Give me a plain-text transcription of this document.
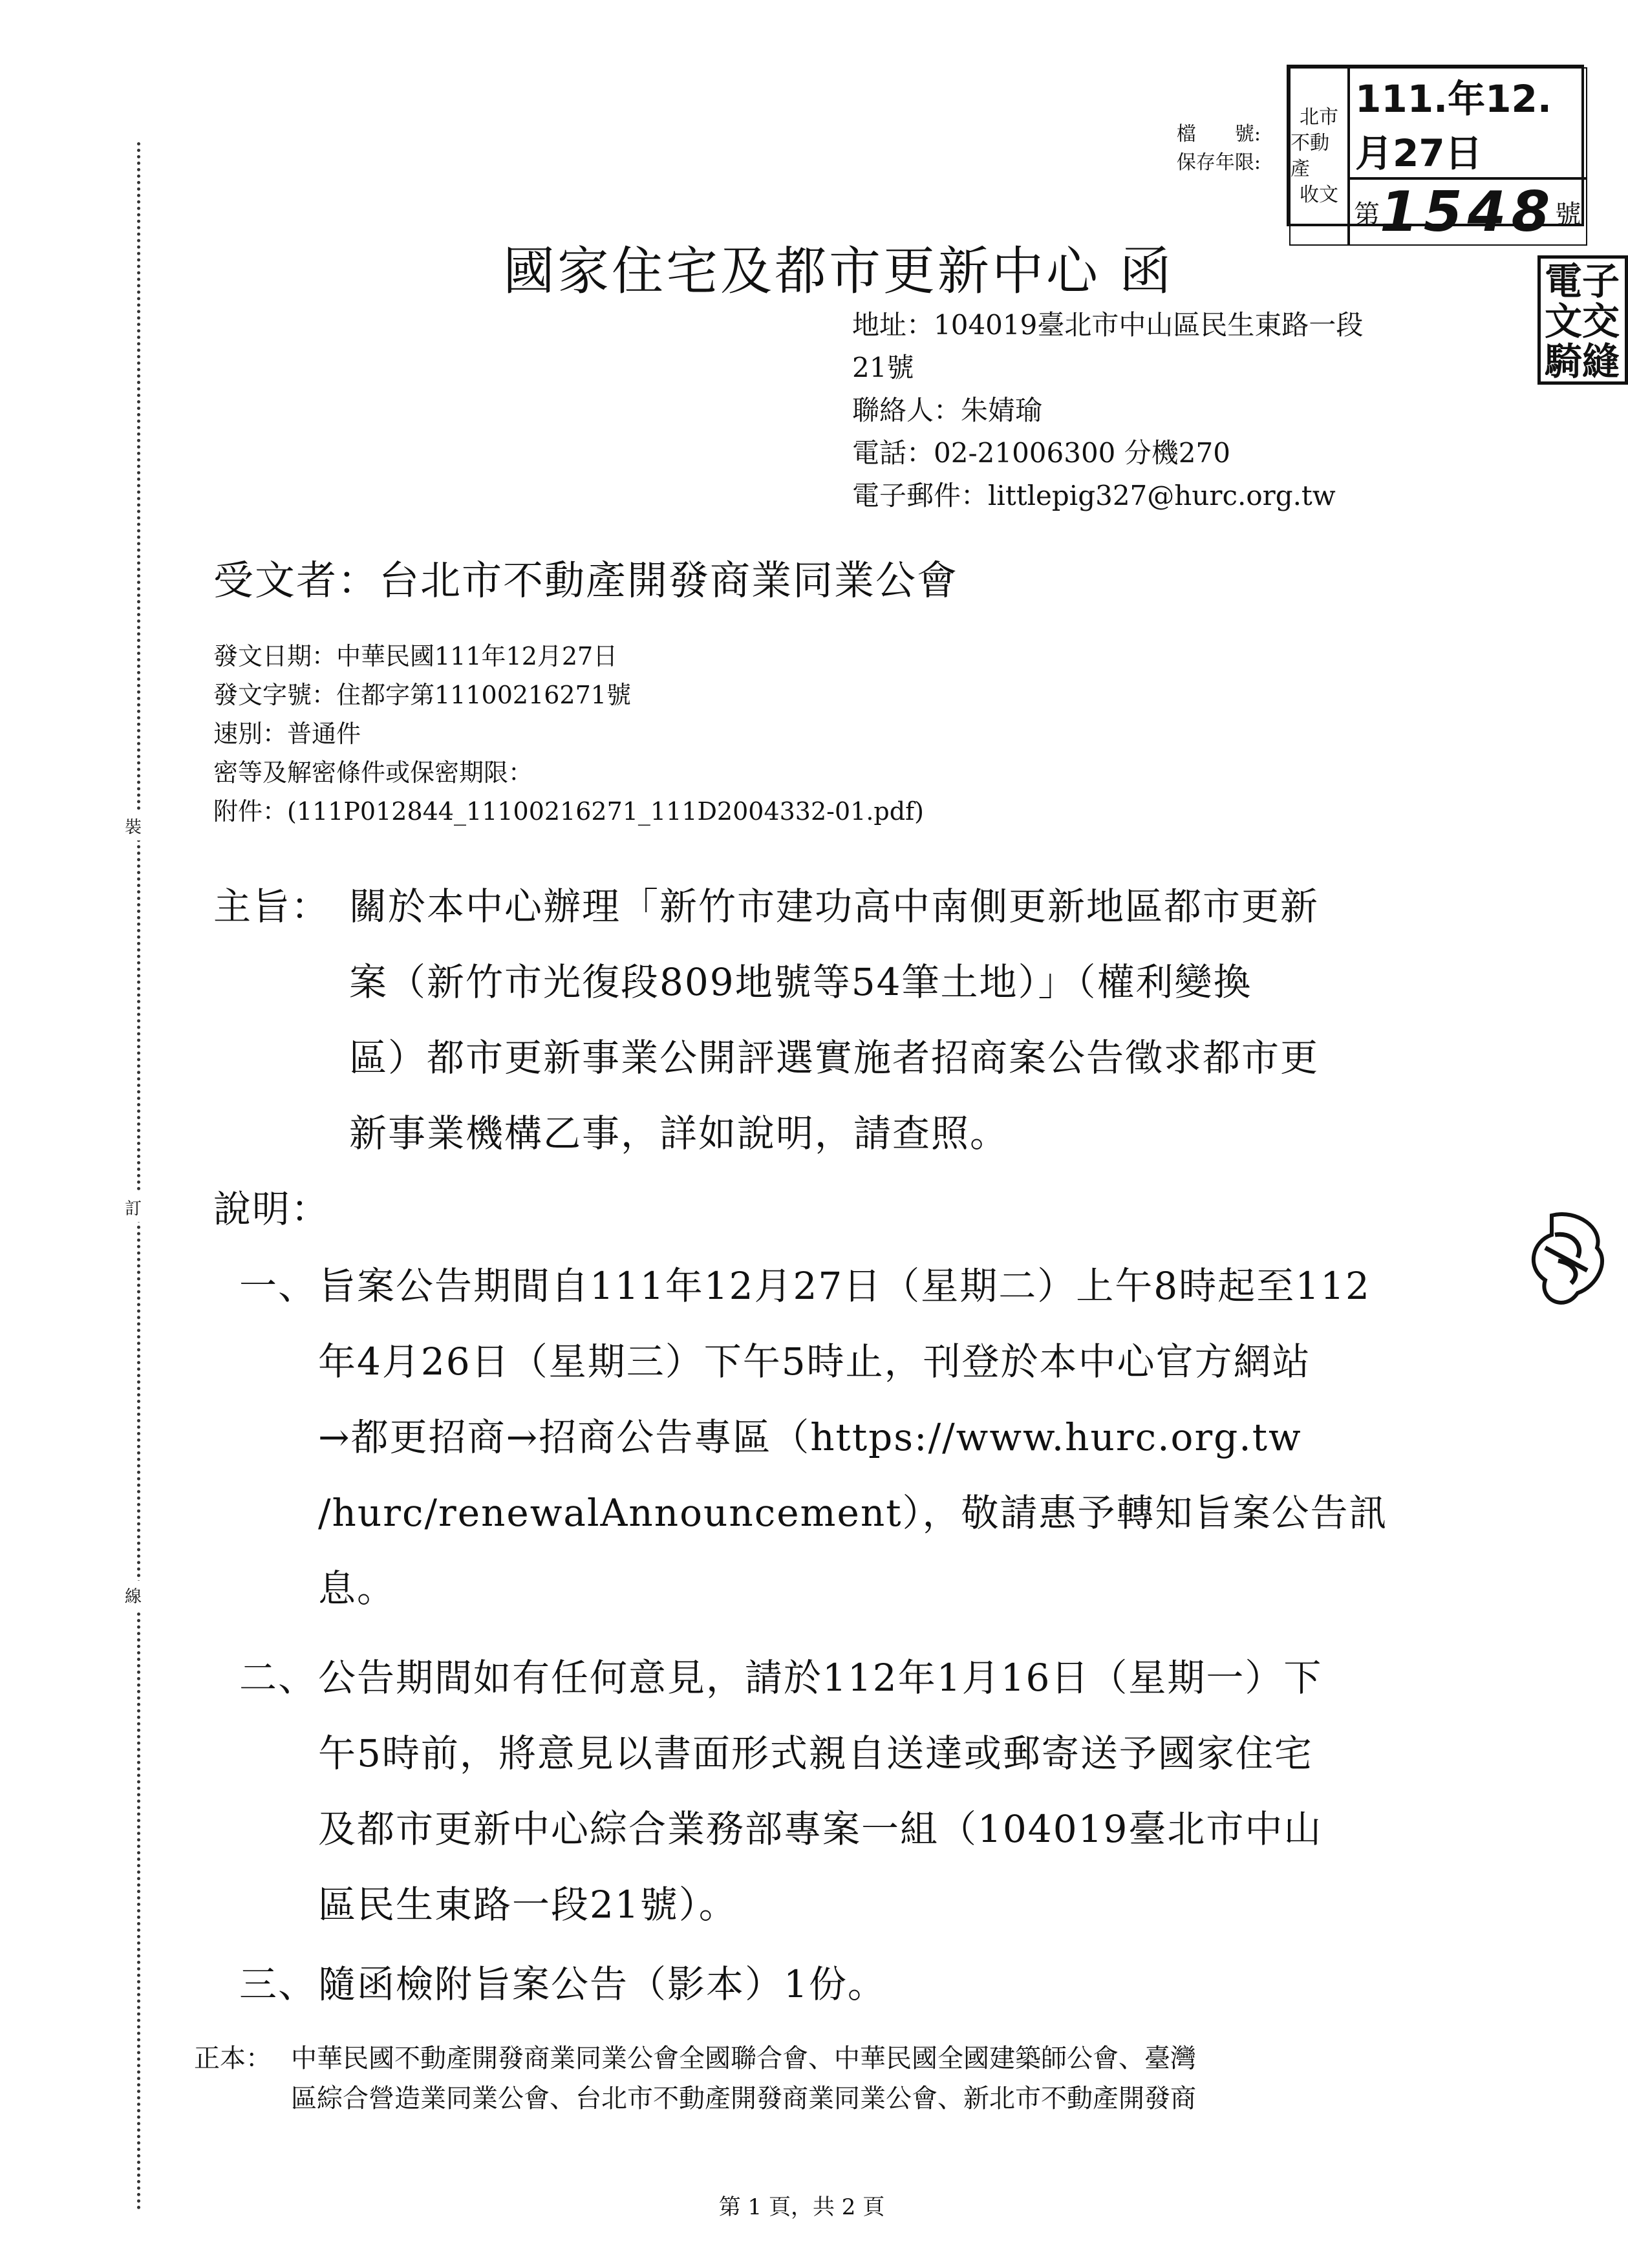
裝
訂
線
檔　　號:
保存年限:
北市
不動產
收文
111.年12.月27日
第 1548 號
電子
文交
騎縫
國家住宅及都市更新中心 函
地址：104019臺北市中山區民生東路一段
21號
聯絡人：朱婧瑜
電話：02-21006300 分機270
電子郵件：littlepig327@hurc.org.tw
受文者：台北市不動產開發商業同業公會
發文日期：中華民國111年12月27日
發文字號：住都字第11100216271號
速別：普通件
密等及解密條件或保密期限：
附件：(111P012844_11100216271_111D2004332-01.pdf)
主旨： 關於本中心辦理「新竹市建功高中南側更新地區都市更新
案（新竹市光復段809地號等54筆土地）」（權利變換
區）都市更新事業公開評選實施者招商案公告徵求都市更
新事業機構乙事，詳如說明，請查照。
說明：
一、 旨案公告期間自111年12月27日（星期二）上午8時起至112
年4月26日（星期三）下午5時止，刊登於本中心官方網站
→都更招商→招商公告專區（https://www.hurc.org.tw
/hurc/renewalAnnouncement），敬請惠予轉知旨案公告訊
息。
二、 公告期間如有任何意見，請於112年1月16日（星期一）下
午5時前，將意見以書面形式親自送達或郵寄送予國家住宅
及都市更新中心綜合業務部專案一組（104019臺北市中山
區民生東路一段21號）。
三、 隨函檢附旨案公告（影本）1份。
正本： 中華民國不動產開發商業同業公會全國聯合會、中華民國全國建築師公會、臺灣
區綜合營造業同業公會、台北市不動產開發商業同業公會、新北市不動產開發商
第 1 頁，共 2 頁
